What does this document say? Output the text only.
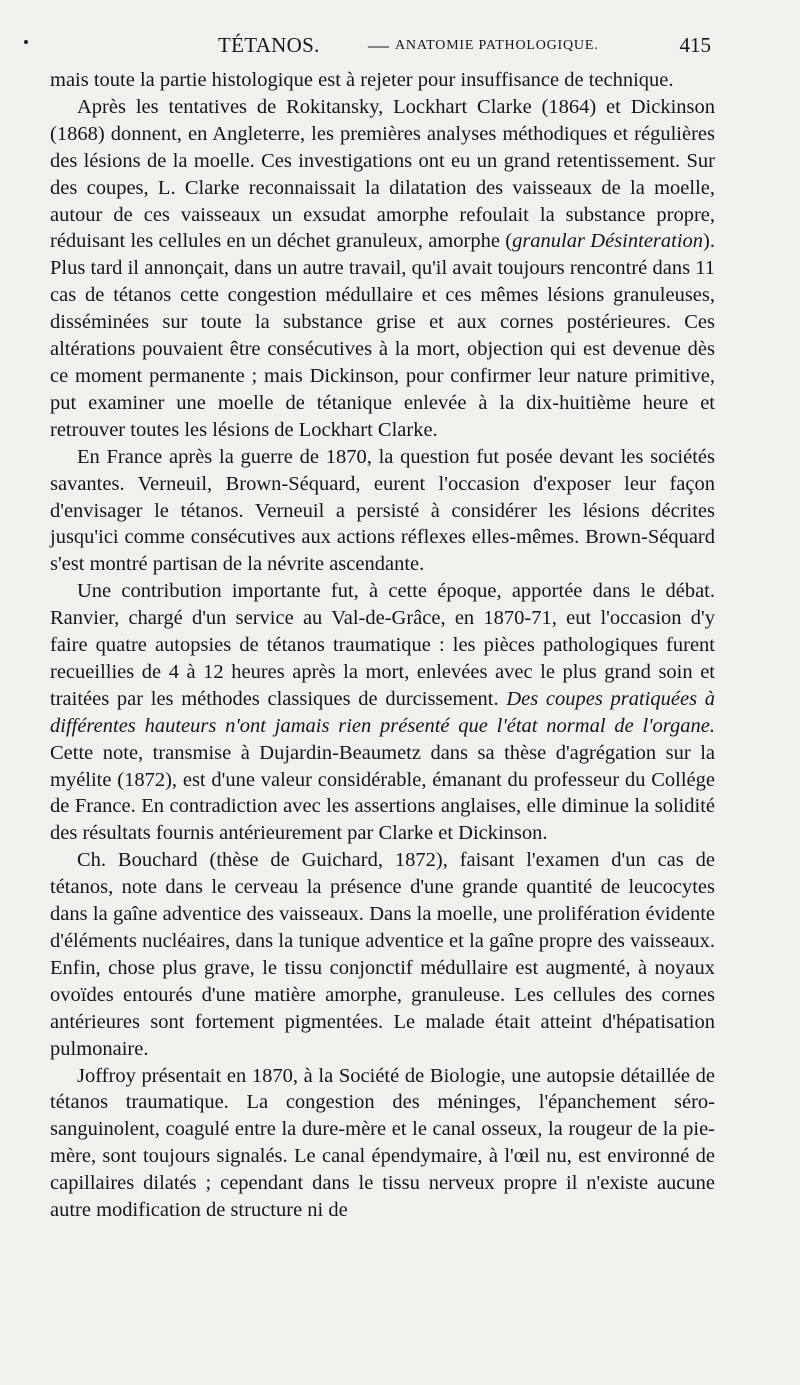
TÉTANOS. — ANATOMIE PATHOLOGIQUE.	415

mais toute la partie histologique est à rejeter pour insuffisance de technique.

Après les tentatives de Rokitansky, Lockhart Clarke (1864) et Dickinson (1868) donnent, en Angleterre, les premières analyses méthodiques et régulières des lésions de la moelle. Ces investigations ont eu un grand retentissement. Sur des coupes, L. Clarke reconnaissait la dilatation des vaisseaux de la moelle, autour de ces vaisseaux un exsudat amorphe refoulait la substance propre, réduisant les cellules en un déchet granuleux, amorphe (granular Désinteration). Plus tard il annonçait, dans un autre travail, qu'il avait toujours rencontré dans 11 cas de tétanos cette congestion médullaire et ces mêmes lésions granuleuses, disséminées sur toute la substance grise et aux cornes postérieures. Ces altérations pouvaient être consécutives à la mort, objection qui est devenue dès ce moment permanente ; mais Dickinson, pour confirmer leur nature primitive, put examiner une moelle de tétanique enlevée à la dix-huitième heure et retrouver toutes les lésions de Lockhart Clarke.

En France après la guerre de 1870, la question fut posée devant les sociétés savantes. Verneuil, Brown-Séquard, eurent l'occasion d'exposer leur façon d'envisager le tétanos. Verneuil a persisté à considérer les lésions décrites jusqu'ici comme consécutives aux actions réflexes elles-mêmes. Brown-Séquard s'est montré partisan de la névrite ascendante.

Une contribution importante fut, à cette époque, apportée dans le débat. Ranvier, chargé d'un service au Val-de-Grâce, en 1870-71, eut l'occasion d'y faire quatre autopsies de tétanos traumatique : les pièces pathologiques furent recueillies de 4 à 12 heures après la mort, enlevées avec le plus grand soin et traitées par les méthodes classiques de durcissement. Des coupes pratiquées à différentes hauteurs n'ont jamais rien présenté que l'état normal de l'organe. Cette note, transmise à Dujardin-Beaumetz dans sa thèse d'agrégation sur la myélite (1872), est d'une valeur considérable, émanant du professeur du Collége de France. En contradiction avec les assertions anglaises, elle diminue la solidité des résultats fournis antérieurement par Clarke et Dickinson.

Ch. Bouchard (thèse de Guichard, 1872), faisant l'examen d'un cas de tétanos, note dans le cerveau la présence d'une grande quantité de leucocytes dans la gaîne adventice des vaisseaux. Dans la moelle, une prolifération évidente d'éléments nucléaires, dans la tunique adventice et la gaîne propre des vaisseaux. Enfin, chose plus grave, le tissu conjonctif médullaire est augmenté, à noyaux ovoïdes entourés d'une matière amorphe, granuleuse. Les cellules des cornes antérieures sont fortement pigmentées. Le malade était atteint d'hépatisation pulmonaire.

Joffroy présentait en 1870, à la Société de Biologie, une autopsie détaillée de tétanos traumatique. La congestion des méninges, l'épanchement séro-sanguinolent, coagulé entre la dure-mère et le canal osseux, la rougeur de la pie-mère, sont toujours signalés. Le canal épendymaire, à l'œil nu, est environné de capillaires dilatés ; cependant dans le tissu nerveux propre il n'existe aucune autre modification de structure ni de
